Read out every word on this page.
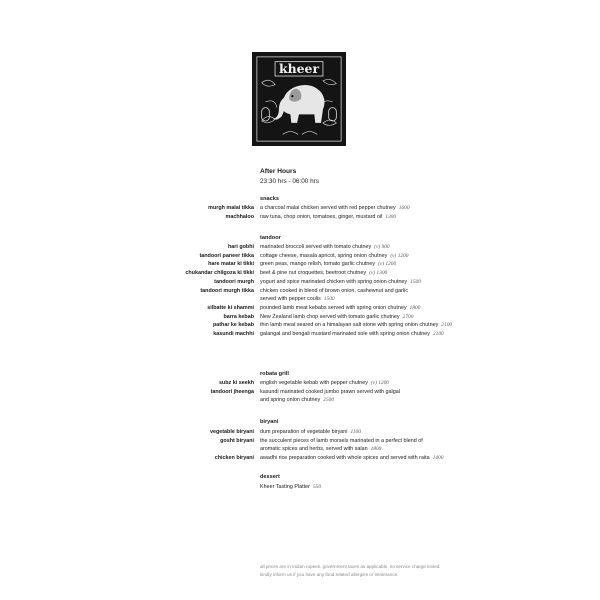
kheer
After Hours
23:30 hrs - 06:00 hrs
snacks
murgh malai tikka a charcoal malai chicken served with red pepper chutney 1600
machhaloo raw tuna, chop onion, tomatoes, ginger, mustard oil 1300
tandoor
hari gobhi marinated broccoli served with tomato chutney (v) 900
tandoori paneer tikka cottage cheese, masala apricot, spring onion chutney (v) 1200
hare matar ki tikki green peas, mango relish, tomato garlic chutney (v) 1200
chukandar chilgoza ki tikki beet & pine nut croquettes, beetroot chutney (v) 1300
tandoori murgh yogurt and spice marinated chicken with spring onion chutney 1500
tandoori murgh tikka chicken cooked in blend of brown onion, cashewnut and garlic
served with pepper coulis 1500
silbatte ki shammi pounded lamb meat kebabs served with spring onion chutney 1800
barra kebab New Zealand lamb chop served with tomato garlic chutney 2700
pathar ke kebab thin lamb meat seared on a himalayan salt stone with spring onion chutney 2100
kasundi machhi galangal and bengali mustard marinated sole with spring onion chutney 2100
robata grill
subz ki seekh english vegetable kebab with pepper chutney (v) 1200
tandoori jheenga kasundi marinated cooked jumbo prawn served with galgal
and spring onion chutney 2500
biryani
vegetable biryani dum preparation of vegetable biryani 1100
gosht biryani the succulent pieces of lamb morsels marinated in a perfect blend of
aromatic spices and herbs, served with salan 1800
chicken biryani awadhi rice preparation cooked with whole spices and served with raita 1400
dessert
Kheer Tasting Platter 550
all prices are in Indian rupees. government taxes as applicable. no service charge levied.
kindly inform us if you have any food related allergies or intolerance.
